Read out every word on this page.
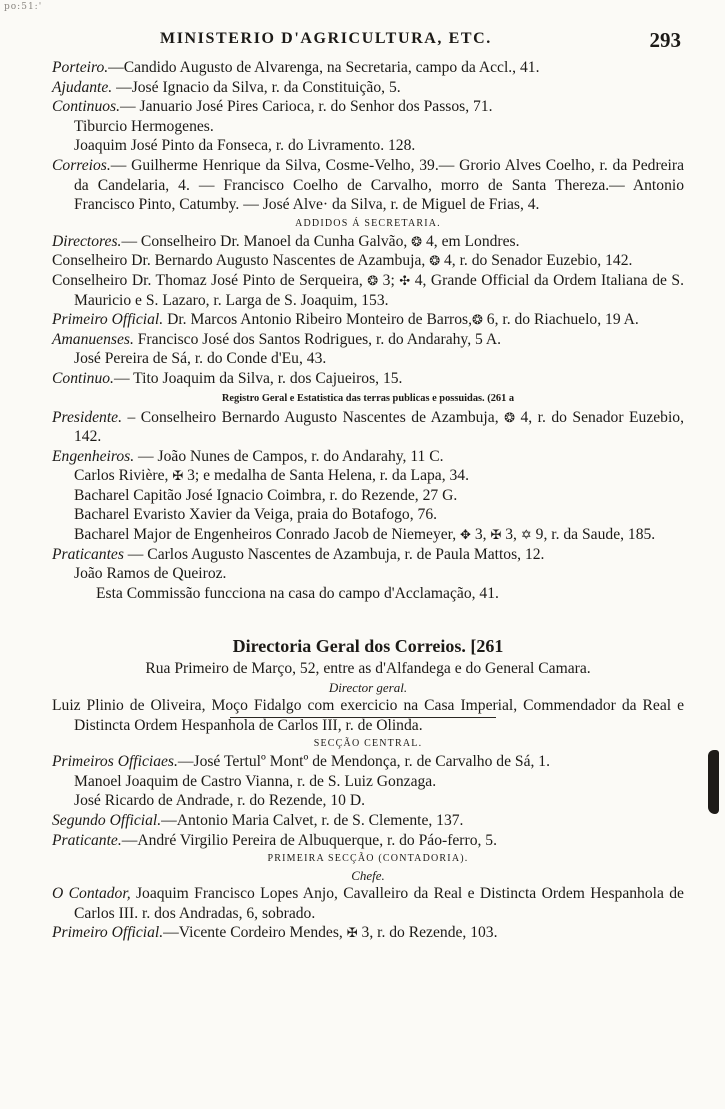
ро:51:'
MINISTERIO D'AGRICULTURA, ETC.	293

Porteiro.—Candido Augusto de Alvarenga, na Secretaria, campo da Accl., 41.

Ajudante. —José Ignacio da Silva, r. da Constituição, 5.

Continuos.— Januario José Pires Carioca, r. do Senhor dos Passos, 71.

Tiburcio Hermogenes.

Joaquim José Pinto da Fonseca, r. do Livramento. 128.

Correios.— Guilherme Henrique da Silva, Cosme-Velho, 39.— Grorio Alves Coelho, r. da Pedreira da Candelaria, 4. — Francisco Coelho de Carvalho, morro de Santa Thereza.— Antonio Francisco Pinto, Catumby. — José Alve· da Silva, r. de Miguel de Frias, 4.

ADDIDOS Á SECRETARIA.

Directores.— Conselheiro Dr. Manoel da Cunha Galvão, ❂ 4, em Londres.

Conselheiro Dr. Bernardo Augusto Nascentes de Azambuja, ❂ 4, r. do Senador Euzebio, 142.

Conselheiro Dr. Thomaz José Pinto de Serqueira, ❂ 3; ✣ 4, Grande Official da Ordem Italiana de S. Mauricio e S. Lazaro, r. Larga de S. Joaquim, 153.

Primeiro Official. Dr. Marcos Antonio Ribeiro Monteiro de Barros,❂ 6, r. do Riachuelo, 19 A.

Amanuenses. Francisco José dos Santos Rodrigues, r. do Andarahy, 5 A.

José Pereira de Sá, r. do Conde d'Eu, 43.

Continuo.— Tito Joaquim da Silva, r. dos Cajueiros, 15.

Registro Geral e Estatistica das terras publicas e possuidas. (261 a

Presidente. – Conselheiro Bernardo Augusto Nascentes de Azambuja, ❂ 4, r. do Senador Euzebio, 142.

Engenheiros. — João Nunes de Campos, r. do Andarahy, 11 C.

Carlos Rivière, ✠ 3; e medalha de Santa Helena, r. da Lapa, 34.

Bacharel Capitão José Ignacio Coimbra, r. do Rezende, 27 G.

Bacharel Evaristo Xavier da Veiga, praia do Botafogo, 76.

Bacharel Major de Engenheiros Conrado Jacob de Niemeyer, ✥ 3, ✠ 3, ✡ 9, r. da Saude, 185.

Praticantes — Carlos Augusto Nascentes de Azambuja, r. de Paula Mattos, 12.

João Ramos de Queiroz.

Esta Commissão funcciona na casa do campo d'Acclamação, 41.

Directoria Geral dos Correios. [261

Rua Primeiro de Março, 52, entre as d'Alfandega e do General Camara.

Director geral.

Luiz Plinio de Oliveira, Moço Fidalgo com exercicio na Casa Imperial, Commendador da Real e Distincta Ordem Hespanhola de Carlos III, r. de Olinda.

SECÇÃO CENTRAL.

Primeiros Officiaes.—José Tertulº Montº de Mendonça, r. de Carvalho de Sá, 1.

Manoel Joaquim de Castro Vianna, r. de S. Luiz Gonzaga.

José Ricardo de Andrade, r. do Rezende, 10 D.

Segundo Official.—Antonio Maria Calvet, r. de S. Clemente, 137.

Praticante.—André Virgilio Pereira de Albuquerque, r. do Páo-ferro, 5.

PRIMEIRA SECÇÃO (CONTADORIA).
Chefe.

O Contador, Joaquim Francisco Lopes Anjo, Cavalleiro da Real e Distincta Ordem Hespanhola de Carlos III. r. dos Andradas, 6, sobrado.

Primeiro Official.—Vicente Cordeiro Mendes, ✠ 3, r. do Rezende, 103.
